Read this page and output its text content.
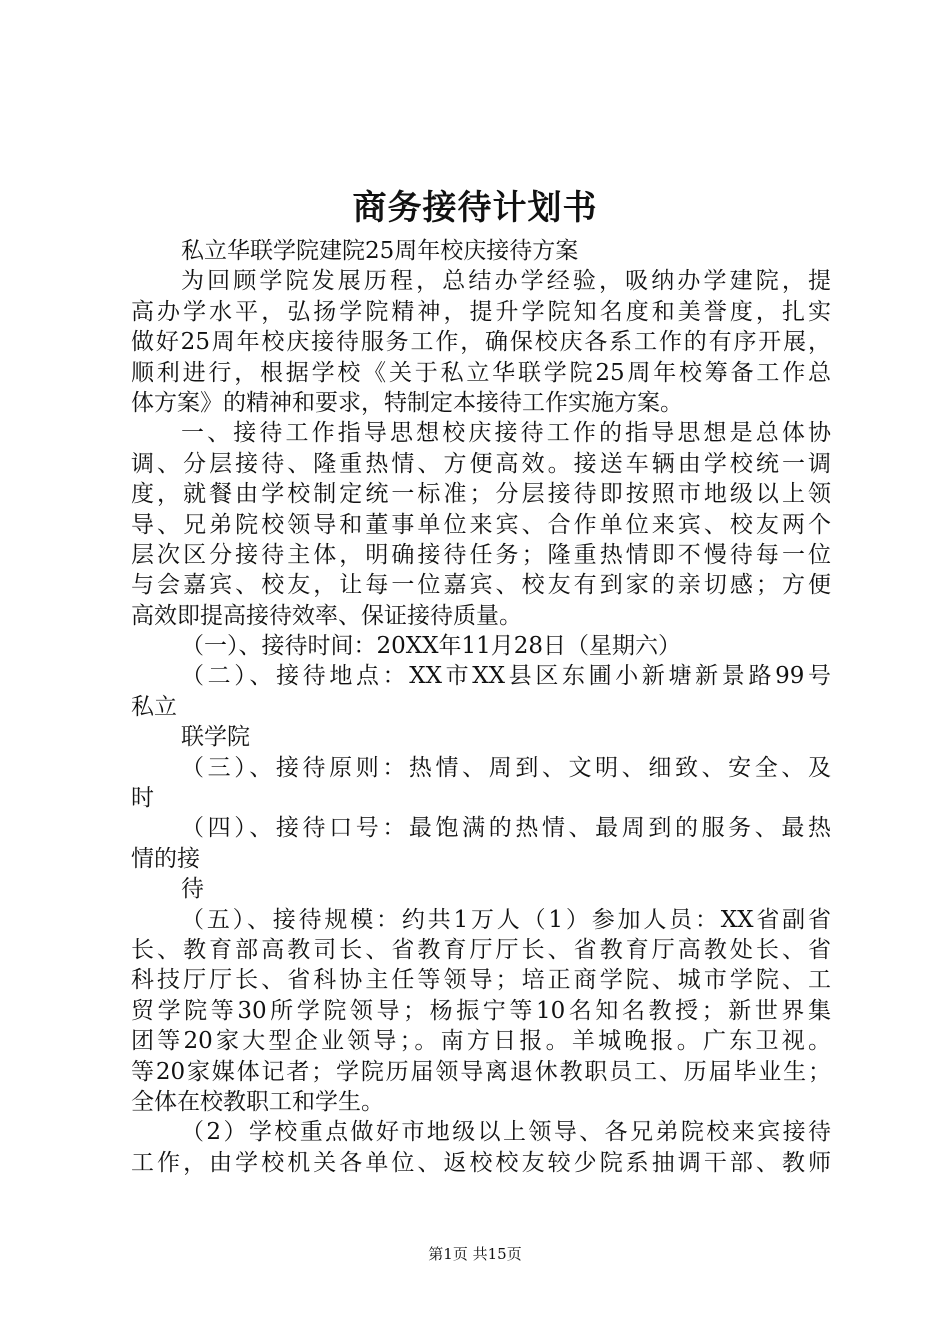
商务接待计划书
私立华联学院建院25周年校庆接待方案
为回顾学院发展历程，总结办学经验，吸纳办学建院，提
高办学水平，弘扬学院精神，提升学院知名度和美誉度，扎实
做好25周年校庆接待服务工作，确保校庆各系工作的有序开展，
顺利进行，根据学校《关于私立华联学院25周年校筹备工作总
体方案》的精神和要求，特制定本接待工作实施方案。
一、接待工作指导思想校庆接待工作的指导思想是总体协
调、分层接待、隆重热情、方便高效。接送车辆由学校统一调
度，就餐由学校制定统一标准；分层接待即按照市地级以上领
导、兄弟院校领导和董事单位来宾、合作单位来宾、校友两个
层次区分接待主体，明确接待任务；隆重热情即不慢待每一位
与会嘉宾、校友，让每一位嘉宾、校友有到家的亲切感；方便
高效即提高接待效率、保证接待质量。
（一）、接待时间：20XX年11月28日（星期六）
（二）、接待地点：XX市XX县区东圃小新塘新景路99号
私立
联学院
（三）、接待原则：热情、周到、文明、细致、安全、及
时
（四）、接待口号：最饱满的热情、最周到的服务、最热
情的接
待
（五）、接待规模：约共1万人（1）参加人员：XX省副省
长、教育部高教司长、省教育厅厅长、省教育厅高教处长、省
科技厅厅长、省科协主任等领导；培正商学院、城市学院、工
贸学院等30所学院领导；杨振宁等10名知名教授；新世界集
团等20家大型企业领导；。南方日报。羊城晚报。广东卫视。
等20家媒体记者；学院历届领导离退休教职员工、历届毕业生；
全体在校教职工和学生。
（2）学校重点做好市地级以上领导、各兄弟院校来宾接待
工作，由学校机关各单位、返校校友较少院系抽调干部、教师
第1页 共15页
